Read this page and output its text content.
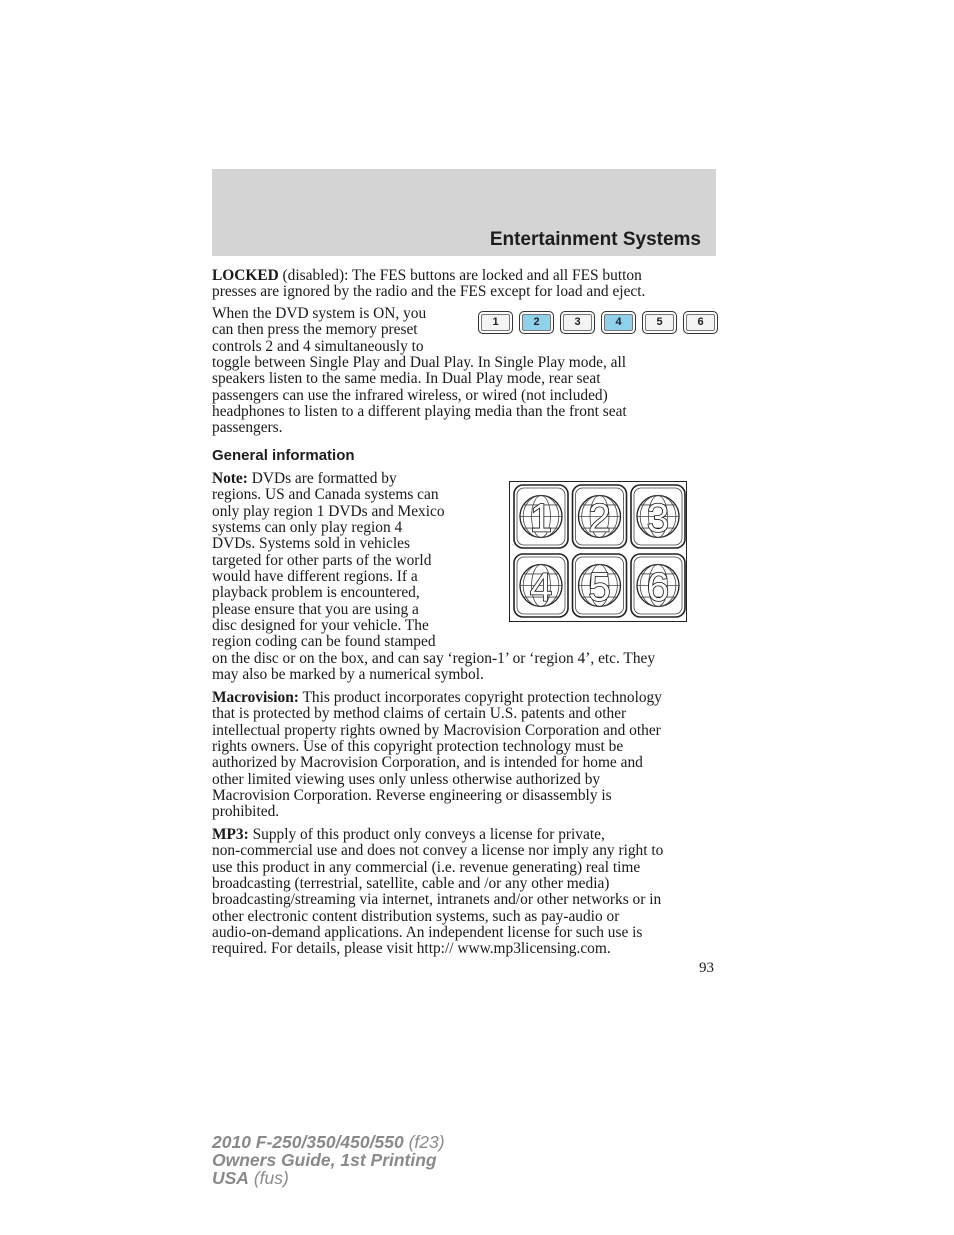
Entertainment Systems

LOCKED (disabled): The FES buttons are locked and all FES button
presses are ignored by the radio and the FES except for load and eject.

When the DVD system is ON, you
can then press the memory preset
controls 2 and 4 simultaneously to
toggle between Single Play and Dual Play. In Single Play mode, all
speakers listen to the same media. In Dual Play mode, rear seat
passengers can use the infrared wireless, or wired (not included)
headphones to listen to a different playing media than the front seat
passengers.

1	2	3	4	5	6
General information

Note: DVDs are formatted by
regions. US and Canada systems can
only play region 1 DVDs and Mexico
systems can only play region 4
DVDs. Systems sold in vehicles
targeted for other parts of the world
would have different regions. If a
playback problem is encountered,
please ensure that you are using a
disc designed for your vehicle. The
region coding can be found stamped
on the disc or on the box, and can say ‘region-1’ or ‘region 4’, etc. They
may also be marked by a numerical symbol.

1 2 3
4 5 6

Macrovision: This product incorporates copyright protection technology
that is protected by method claims of certain U.S. patents and other
intellectual property rights owned by Macrovision Corporation and other
rights owners. Use of this copyright protection technology must be
authorized by Macrovision Corporation, and is intended for home and
other limited viewing uses only unless otherwise authorized by
Macrovision Corporation. Reverse engineering or disassembly is
prohibited.

MP3: Supply of this product only conveys a license for private,
non-commercial use and does not convey a license nor imply any right to
use this product in any commercial (i.e. revenue generating) real time
broadcasting (terrestrial, satellite, cable and /or any other media)
broadcasting/streaming via internet, intranets and/or other networks or in
other electronic content distribution systems, such as pay-audio or
audio-on-demand applications. An independent license for such use is
required. For details, please visit http:// www.mp3licensing.com.

93
2010 F-250/350/450/550 (f23)
Owners Guide, 1st Printing
USA (fus)
